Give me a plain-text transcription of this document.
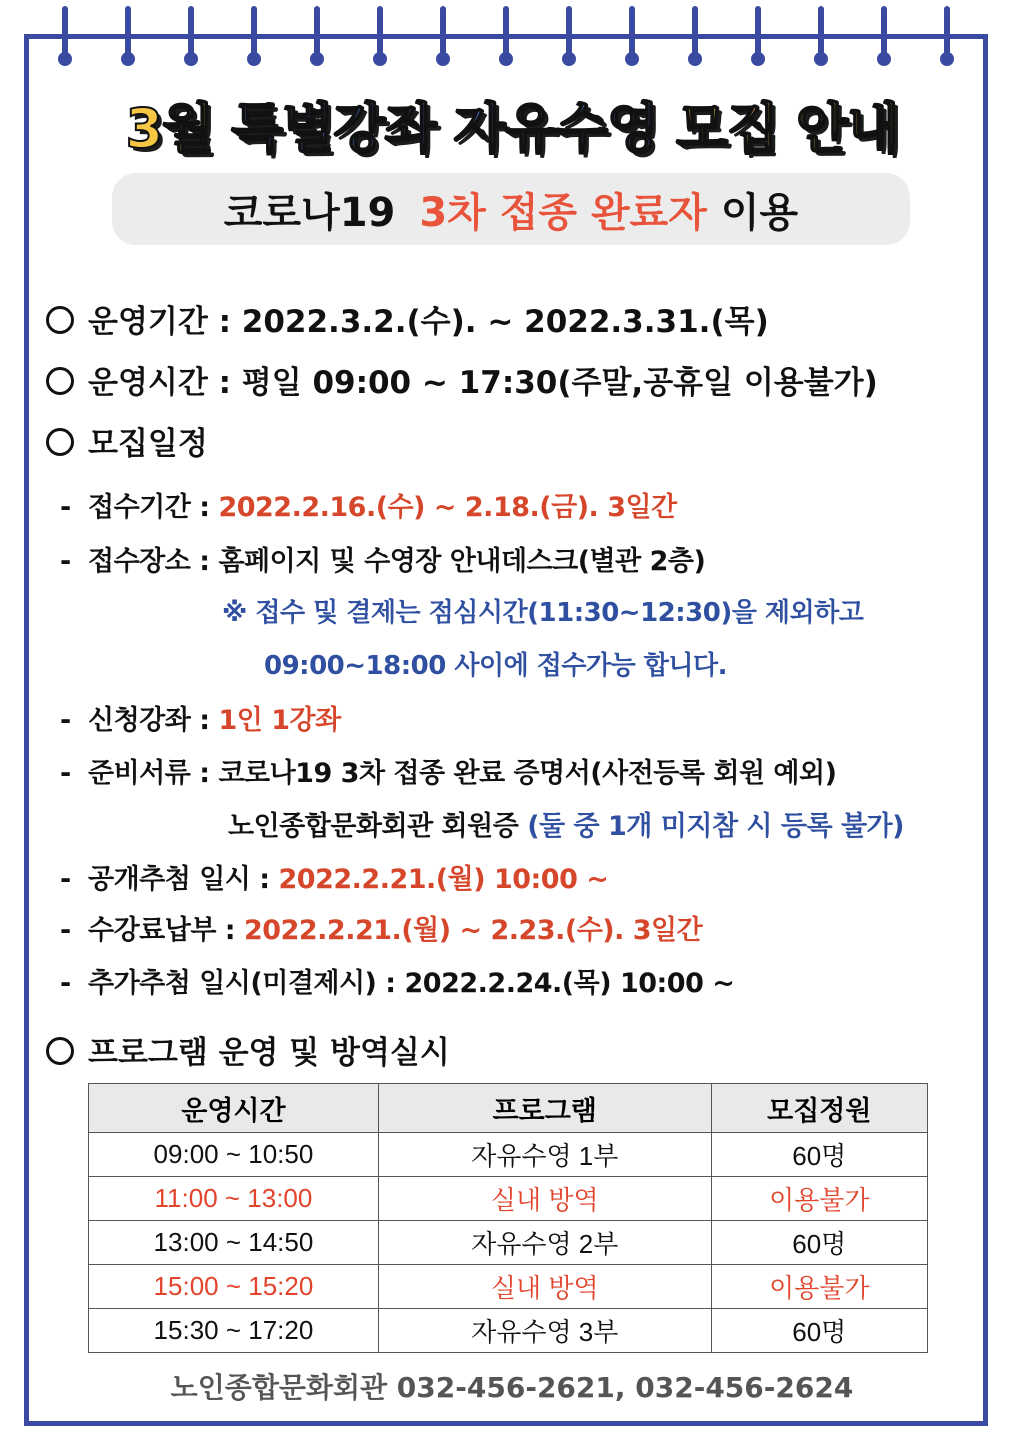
3월 특별강좌 자유수영 모집 안내
코로나19 3차 접종 완료자 이용
운영기간 : 2022.3.2.(수). ~ 2022.3.31.(목)
운영시간 : 평일 09:00 ~ 17:30(주말,공휴일 이용불가)
모집일정
- 접수기간 : 2022.2.16.(수) ~ 2.18.(금). 3일간
- 접수장소 : 홈페이지 및 수영장 안내데스크(별관 2층)
※ 접수 및 결제는 점심시간(11:30~12:30)을 제외하고
09:00~18:00 사이에 접수가능 합니다.
- 신청강좌 : 1인 1강좌
- 준비서류 : 코로나19 3차 접종 완료 증명서(사전등록 회원 예외)
노인종합문화회관 회원증 (둘 중 1개 미지참 시 등록 불가)
- 공개추첨 일시 : 2022.2.21.(월) 10:00 ~
- 수강료납부 : 2022.2.21.(월) ~ 2.23.(수). 3일간
- 추가추첨 일시(미결제시) : 2022.2.24.(목) 10:00 ~
프로그램 운영 및 방역실시
운영시간	프로그램	모집정원
09:00 ~ 10:50	자유수영 1부	60명
11:00 ~ 13:00	실내 방역	이용불가
13:00 ~ 14:50	자유수영 2부	60명
15:00 ~ 15:20	실내 방역	이용불가
15:30 ~ 17:20	자유수영 3부	60명
노인종합문화회관 032-456-2621, 032-456-2624
